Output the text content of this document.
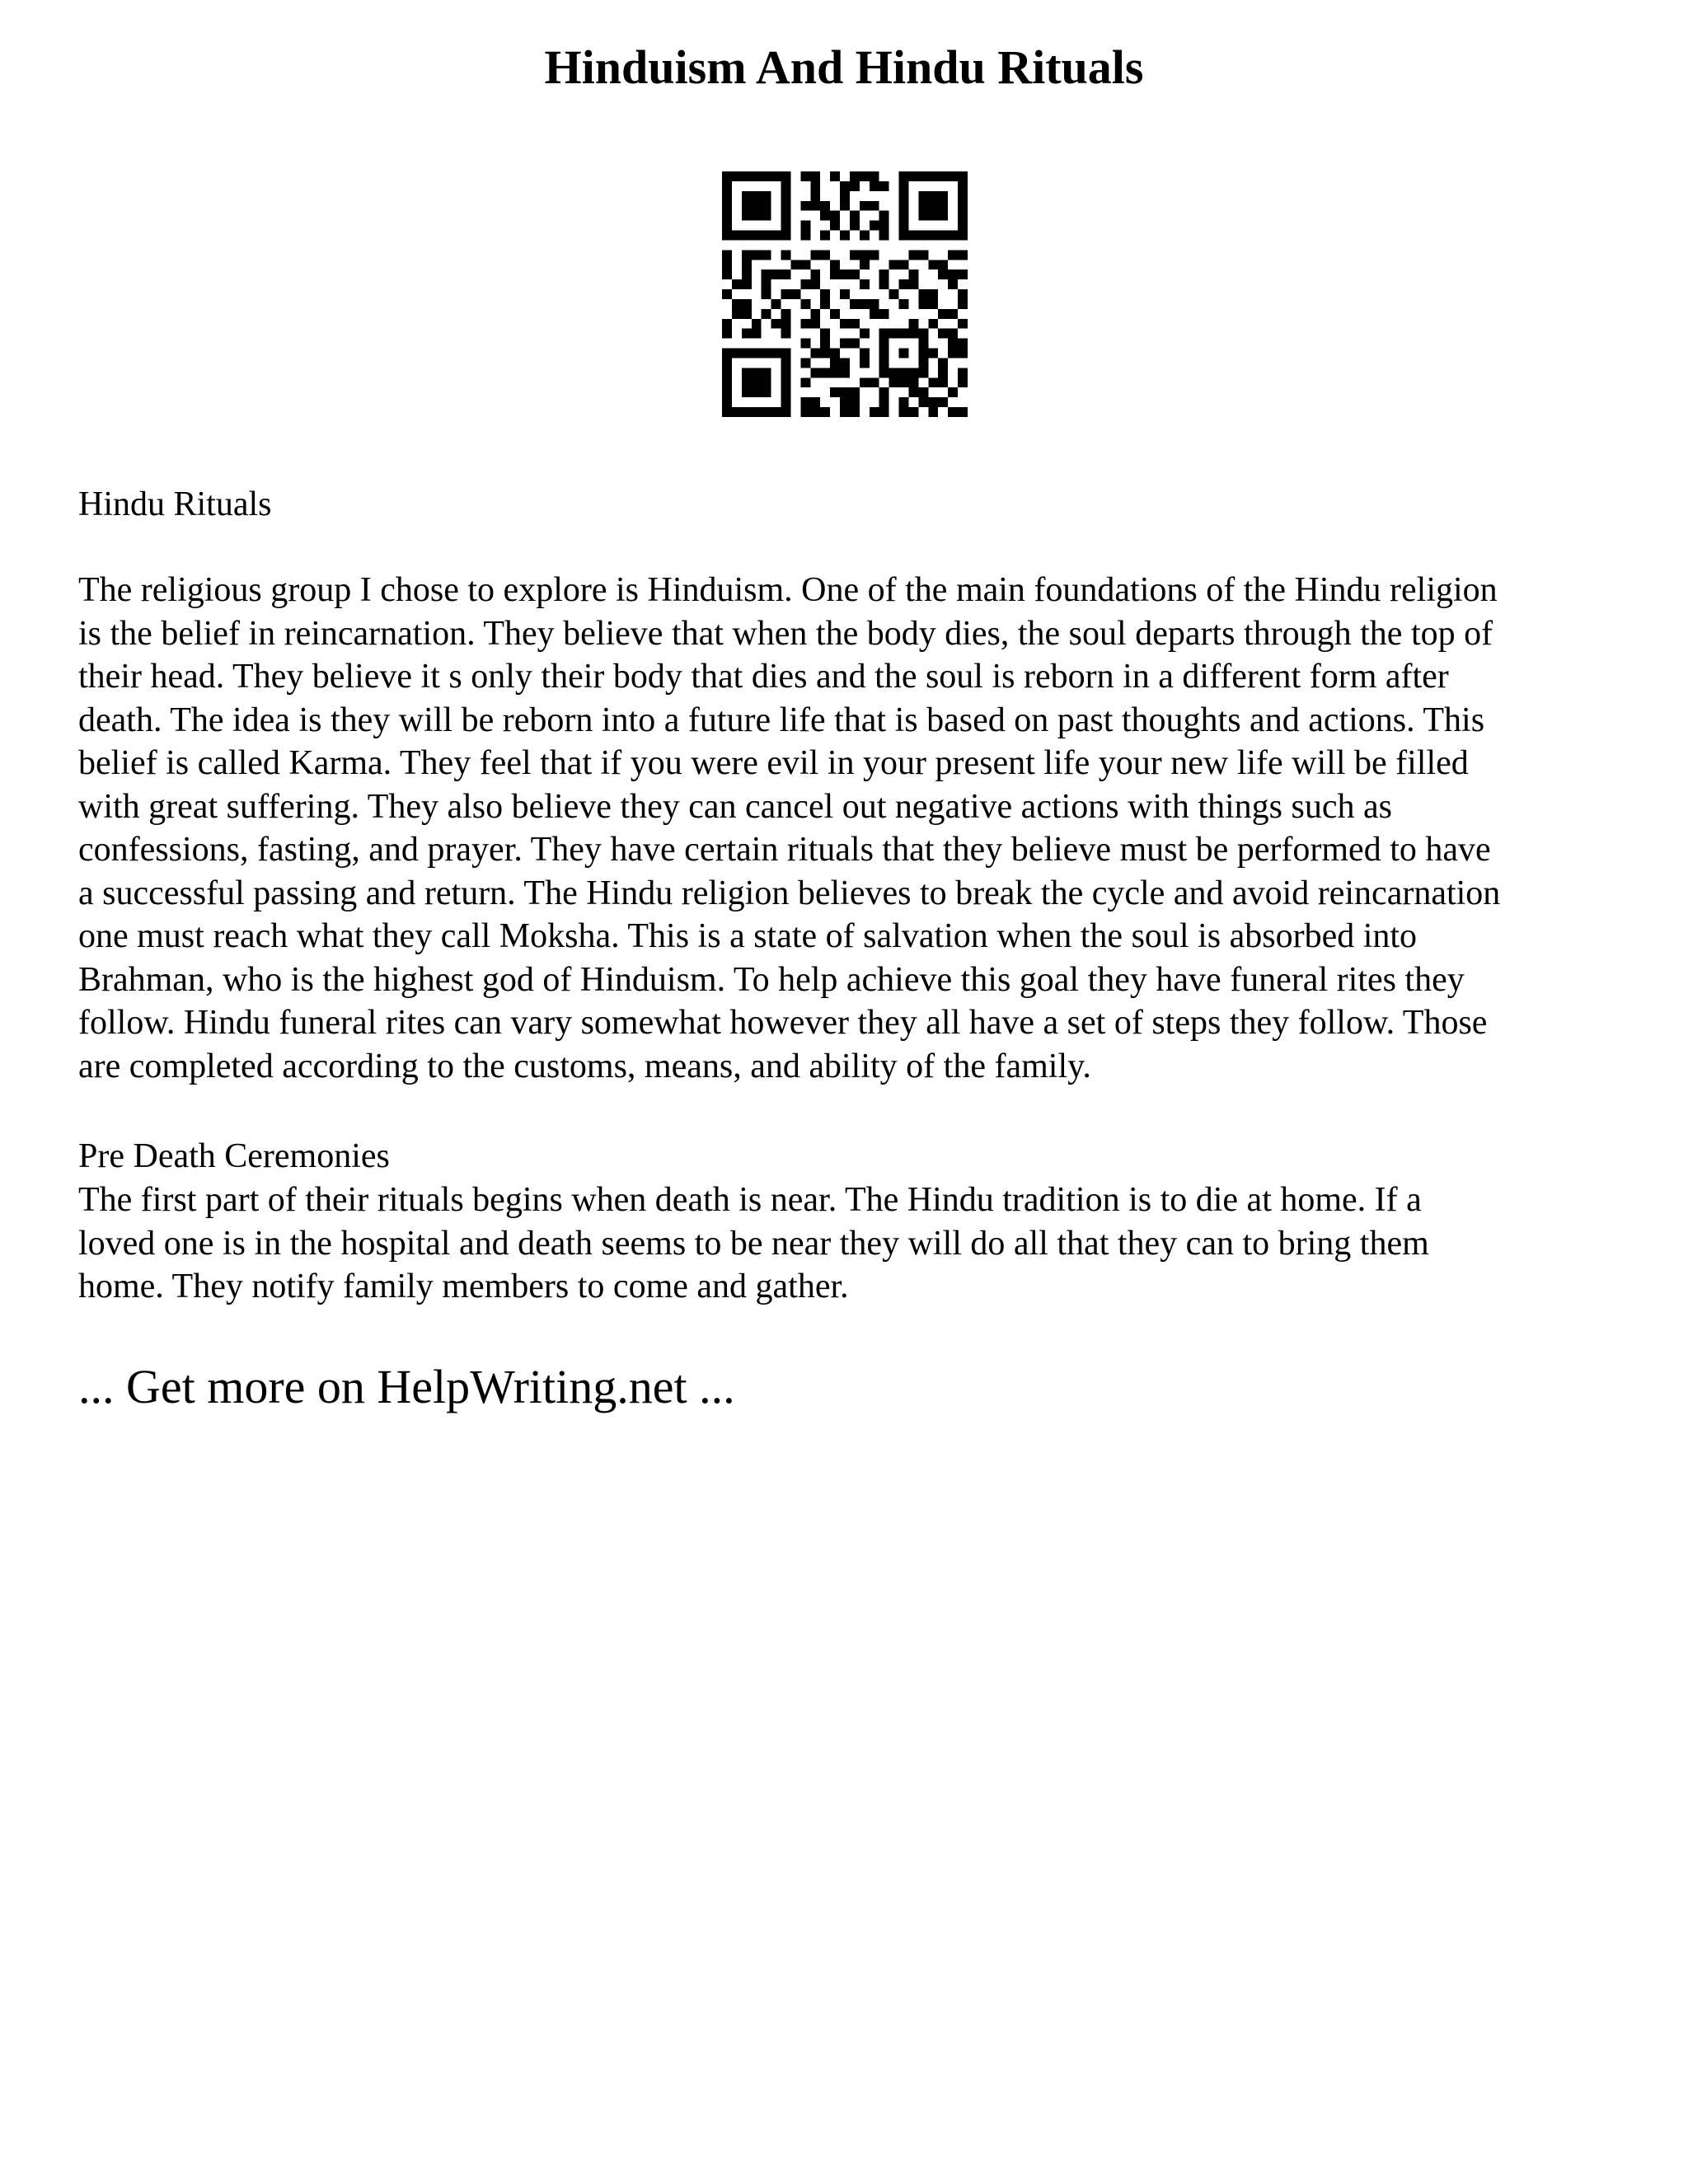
Hinduism And Hindu Rituals

Hindu Rituals

The religious group I chose to explore is Hinduism. One of the main foundations of the Hindu religion
is the belief in reincarnation. They believe that when the body dies, the soul departs through the top of
their head. They believe it s only their body that dies and the soul is reborn in a different form after
death. The idea is they will be reborn into a future life that is based on past thoughts and actions. This
belief is called Karma. They feel that if you were evil in your present life your new life will be filled
with great suffering. They also believe they can cancel out negative actions with things such as
confessions, fasting, and prayer. They have certain rituals that they believe must be performed to have
a successful passing and return. The Hindu religion believes to break the cycle and avoid reincarnation
one must reach what they call Moksha. This is a state of salvation when the soul is absorbed into
Brahman, who is the highest god of Hinduism. To help achieve this goal they have funeral rites they
follow. Hindu funeral rites can vary somewhat however they all have a set of steps they follow. Those
are completed according to the customs, means, and ability of the family.

Pre Death Ceremonies

The first part of their rituals begins when death is near. The Hindu tradition is to die at home. If a
loved one is in the hospital and death seems to be near they will do all that they can to bring them
home. They notify family members to come and gather.

... Get more on HelpWriting.net ...
